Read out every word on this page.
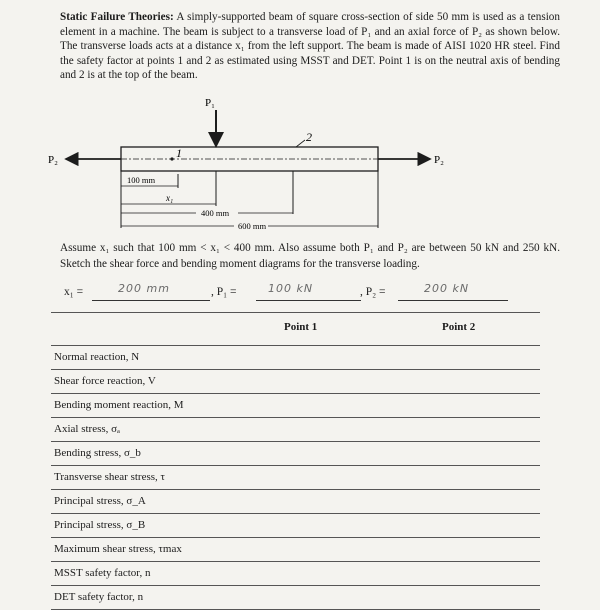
Static Failure Theories: A simply-supported beam of square cross-section of side 50 mm is used as a tension element in a machine. The beam is subject to a transverse load of P₁ and an axial force of P₂ as shown below. The transverse loads acts at a distance x₁ from the left support. The beam is made of AISI 1020 HR steel. Find the safety factor at points 1 and 2 as estimated using MSST and DET. Point 1 is on the neutral axis of bending and 2 is at the top of the beam.
P₁
1
2
P₂	P₂
100 mm
x₁
400 mm
600 mm
Assume x₁ such that 100 mm < x₁ < 400 mm. Also assume both P₁ and P₂ are between 50 kN and 250 kN. Sketch the shear force and bending moment diagrams for the transverse loading.
x₁ =	200 mm	, P₁ =	100 kN	, P₂ =	200 kN
Point 1	Point 2
Normal reaction, N
Shear force reaction, V
Bending moment reaction, M
Axial stress, σₐ
Bending stress, σ_b
Transverse shear stress, τ
Principal stress, σ_A
Principal stress, σ_B
Maximum shear stress, τmax
MSST safety factor, n
DET safety factor, n
